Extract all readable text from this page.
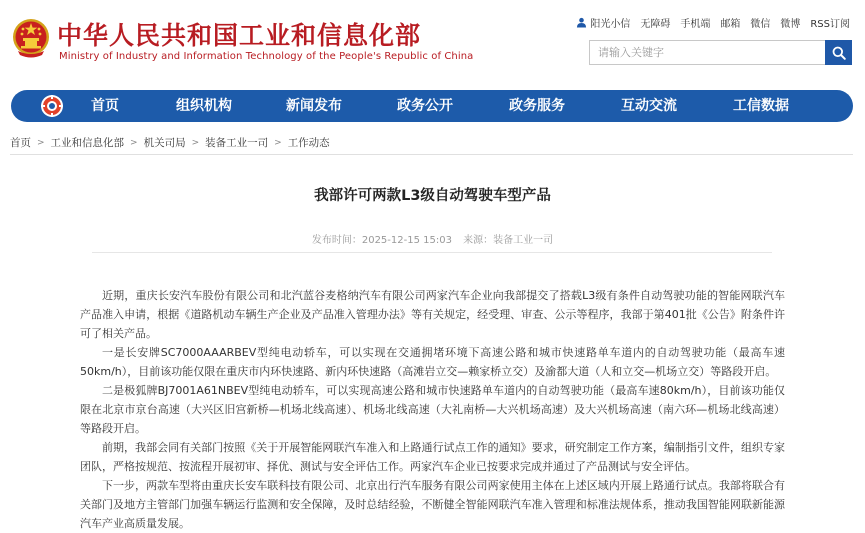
中华人民共和国工业和信息化部
Ministry of Industry and Information Technology of the People's Republic of China
阳光小信 无障碍 手机端 邮箱 微信 微博 RSS订阅
请输入关键字
首页	组织机构	新闻发布	政务公开	政务服务	互动交流	工信数据
首页 > 工业和信息化部 > 机关司局 > 装备工业一司 > 工作动态
我部许可两款L3级自动驾驶车型产品
发布时间：2025-12-15 15:03 来源：装备工业一司

近期，重庆长安汽车股份有限公司和北汽蓝谷麦格纳汽车有限公司两家汽车企业向我部提交了搭载L3级有条件自动驾驶功能的智能网联汽车产品准入申请，根据《道路机动车辆生产企业及产品准入管理办法》等有关规定，经受理、审查、公示等程序，我部于第401批《公告》附条件许可了相关产品。

一是长安牌SC7000AAARBEV型纯电动轿车，可以实现在交通拥堵环境下高速公路和城市快速路单车道内的自动驾驶功能（最高车速50km/h），目前该功能仅限在重庆市内环快速路、新内环快速路（高滩岩立交—赖家桥立交）及渝都大道（人和立交—机场立交）等路段开启。

二是极狐牌BJ7001A61NBEV型纯电动轿车，可以实现高速公路和城市快速路单车道内的自动驾驶功能（最高车速80km/h），目前该功能仅限在北京市京台高速（大兴区旧宫新桥—机场北线高速）、机场北线高速（大礼南桥—大兴机场高速）及大兴机场高速（南六环—机场北线高速）等路段开启。

前期，我部会同有关部门按照《关于开展智能网联汽车准入和上路通行试点工作的通知》要求，研究制定工作方案，编制指引文件，组织专家团队，严格按规范、按流程开展初审、择优、测试与安全评估工作。两家汽车企业已按要求完成并通过了产品测试与安全评估。

下一步，两款车型将由重庆长安车联科技有限公司、北京出行汽车服务有限公司两家使用主体在上述区域内开展上路通行试点。我部将联合有关部门及地方主管部门加强车辆运行监测和安全保障，及时总结经验，不断健全智能网联汽车准入管理和标准法规体系，推动我国智能网联新能源汽车产业高质量发展。
